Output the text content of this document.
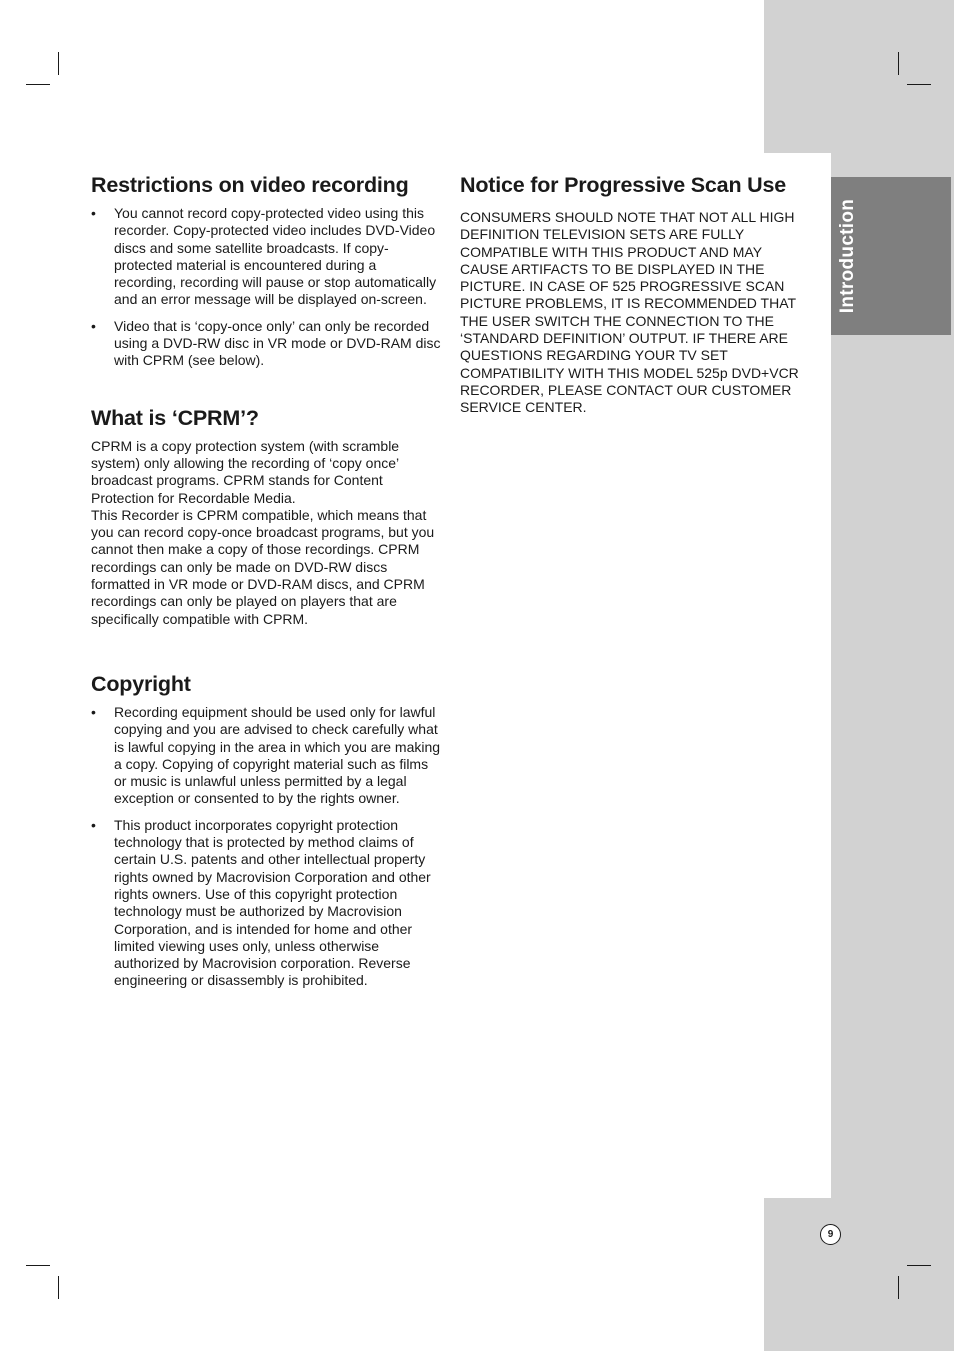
Introduction
9
Restrictions on video recording
• You cannot record copy-protected video using this recorder. Copy-protected video includes DVD-Video discs and some satellite broadcasts. If copy-protected material is encountered during a recording, recording will pause or stop automatically and an error message will be displayed on-screen.
• Video that is ‘copy-once only’ can only be recorded using a DVD-RW disc in VR mode or DVD-RAM disc with CPRM (see below).
What is ‘CPRM’?

CPRM is a copy protection system (with scramble system) only allowing the recording of ‘copy once’ broadcast programs. CPRM stands for Content Protection for Recordable Media.

This Recorder is CPRM compatible, which means that you can record copy-once broadcast programs, but you cannot then make a copy of those recordings. CPRM recordings can only be made on DVD-RW discs formatted in VR mode or DVD-RAM discs, and CPRM recordings can only be played on players that are specifically compatible with CPRM.

Copyright
• Recording equipment should be used only for lawful copying and you are advised to check carefully what is lawful copying in the area in which you are making a copy. Copying of copyright material such as films or music is unlawful unless permitted by a legal exception or consented to by the rights owner.
• This product incorporates copyright protection technology that is protected by method claims of certain U.S. patents and other intellectual property rights owned by Macrovision Corporation and other rights owners. Use of this copyright protection technology must be authorized by Macrovision Corporation, and is intended for home and other limited viewing uses only, unless otherwise authorized by Macrovision corporation. Reverse engineering or disassembly is prohibited.
Notice for Progressive Scan Use
CONSUMERS SHOULD NOTE THAT NOT ALL HIGH DEFINITION TELEVISION SETS ARE FULLY COMPATIBLE WITH THIS PRODUCT AND MAY CAUSE ARTIFACTS TO BE DISPLAYED IN THE PICTURE. IN CASE OF 525 PROGRESSIVE SCAN PICTURE PROBLEMS, IT IS RECOMMENDED THAT THE USER SWITCH THE CONNECTION TO THE ‘STANDARD DEFINITION’ OUTPUT. IF THERE ARE QUESTIONS REGARDING YOUR TV SET COMPATIBILITY WITH THIS MODEL 525p DVD+VCR RECORDER, PLEASE CONTACT OUR CUSTOMER SERVICE CENTER.
